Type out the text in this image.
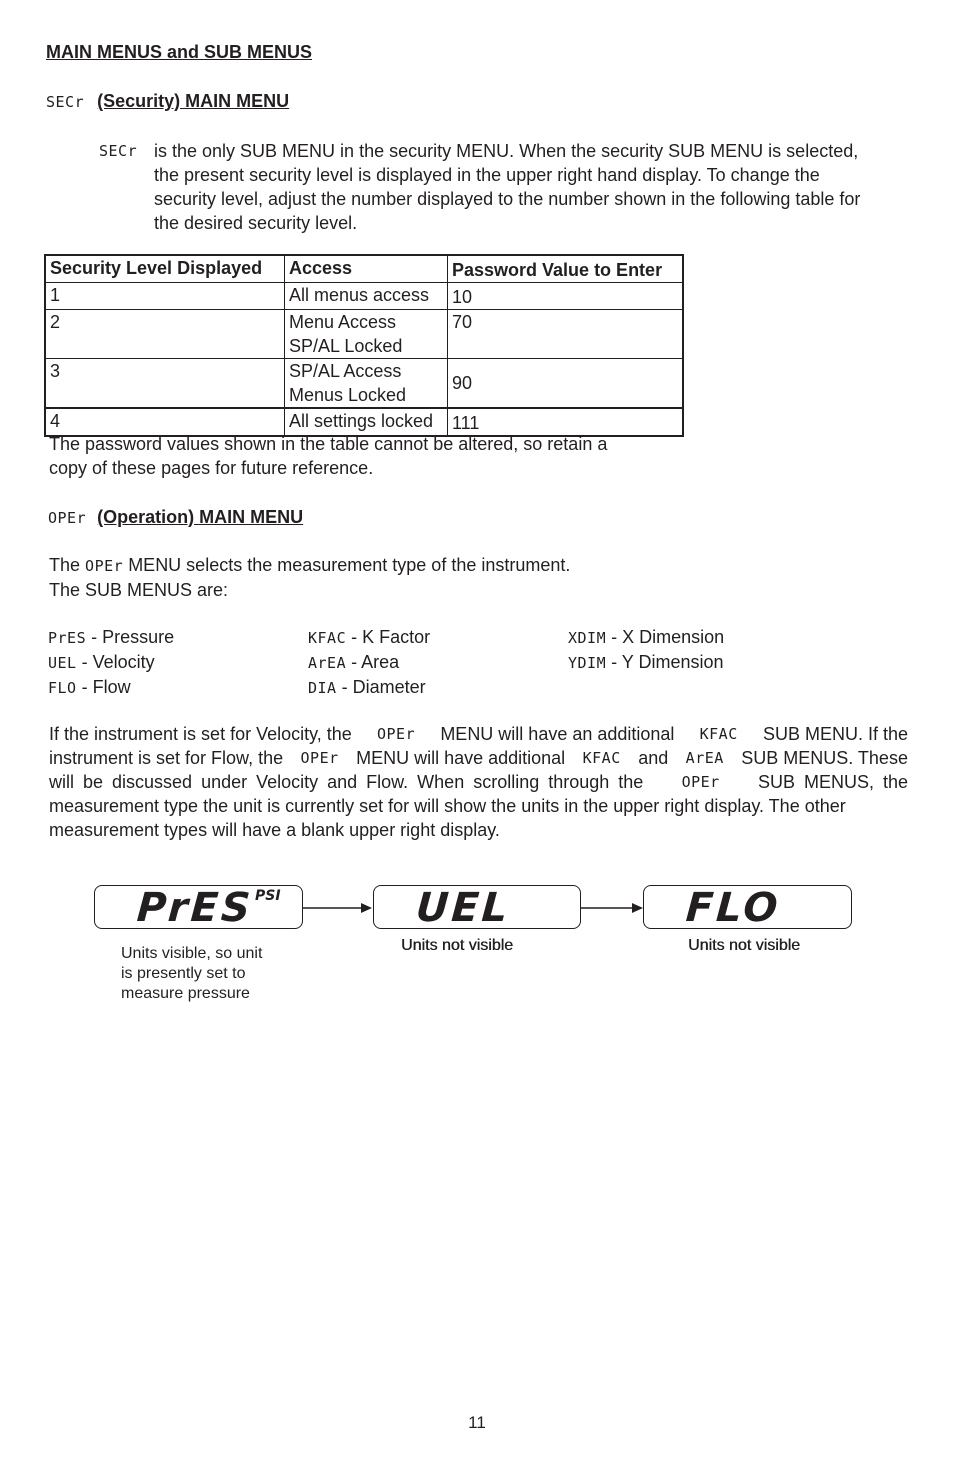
MAIN MENUS and SUB MENUS
SECr (Security) MAIN MENU
SECr is the only SUB MENU in the security MENU. When the security SUB MENU is selected,
the present security level is displayed in the upper right hand display. To change the
security level, adjust the number displayed to the number shown in the following table for
the desired security level.
Security Level Displayed	Access	Password Value to Enter
1	All menus access	10
2	Menu Access
SP/AL Locked	70
3	SP/AL Access
Menus Locked	90
4	All settings locked	111
The password values shown in the table cannot be altered, so retain a
copy of these pages for future reference.
OPEr (Operation) MAIN MENU
The OPEr MENU selects the measurement type of the instrument.
The SUB MENUS are:
PrES - Pressure
UEL - Velocity
FLO - Flow
KFAC - K Factor
ArEA - Area
DIA - Diameter
XDIM - X Dimension
YDIM - Y Dimension
If the instrument is set for Velocity, the OPEr MENU will have an additional KFAC SUB MENU. If the
instrument is set for Flow, the OPEr MENU will have additional KFAC and ArEA SUB MENUS. These
will be discussed under Velocity and Flow. When scrolling through the	OPEr SUB MENUS, the
measurement type the unit is currently set for will show the units in the upper right display. The other
measurement types will have a blank upper right display.
PrES PSI	UEL	FLO
Units visible, so unit
is presently set to
measure pressure
Units not visible	Units not visible
11
